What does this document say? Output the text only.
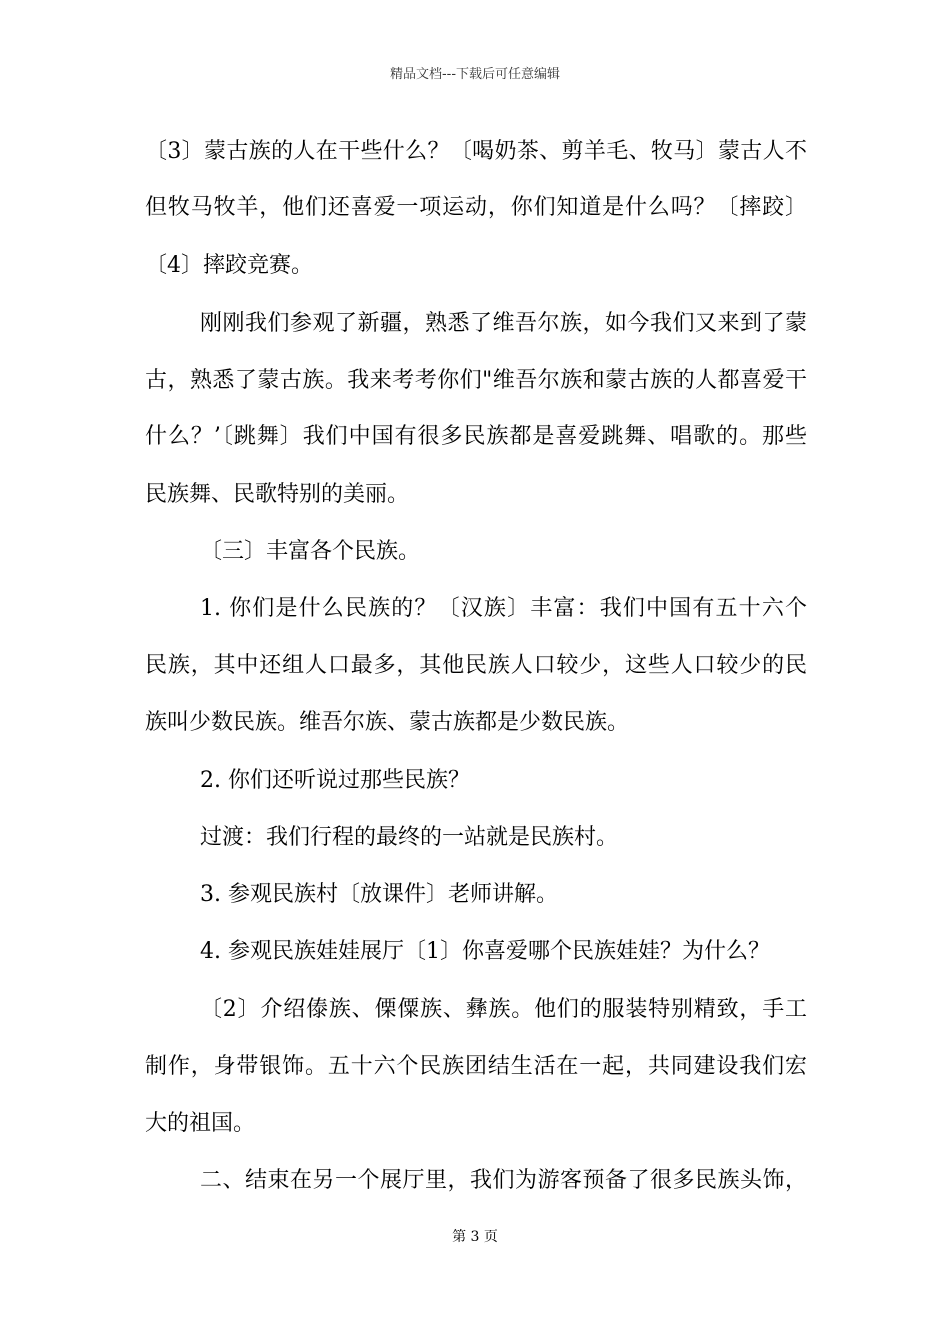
精品文档---下载后可任意编辑
〔3〕蒙古族的人在干些什么？〔喝奶茶、剪羊毛、牧马〕蒙古人不
但牧马牧羊，他们还喜爱一项运动，你们知道是什么吗？〔摔跤〕
〔4〕摔跤竞赛。
刚刚我们参观了新疆，熟悉了维吾尔族，如今我们又来到了蒙
古，熟悉了蒙古族。我来考考你们"维吾尔族和蒙古族的人都喜爱干
什么？’〔跳舞〕我们中国有很多民族都是喜爱跳舞、唱歌的。那些
民族舞、民歌特别的美丽。
〔三〕丰富各个民族。
1. 你们是什么民族的？〔汉族〕丰富：我们中国有五十六个
民族，其中还组人口最多，其他民族人口较少，这些人口较少的民
族叫少数民族。维吾尔族、蒙古族都是少数民族。
2. 你们还听说过那些民族？
过渡：我们行程的最终的一站就是民族村。
3. 参观民族村〔放课件〕老师讲解。
4. 参观民族娃娃展厅〔1〕你喜爱哪个民族娃娃？为什么？
〔2〕介绍傣族、傈僳族、彝族。他们的服装特别精致，手工
制作，身带银饰。五十六个民族团结生活在一起，共同建设我们宏
大的祖国。
二、结束在另一个展厅里，我们为游客预备了很多民族头饰，
第 3 页
